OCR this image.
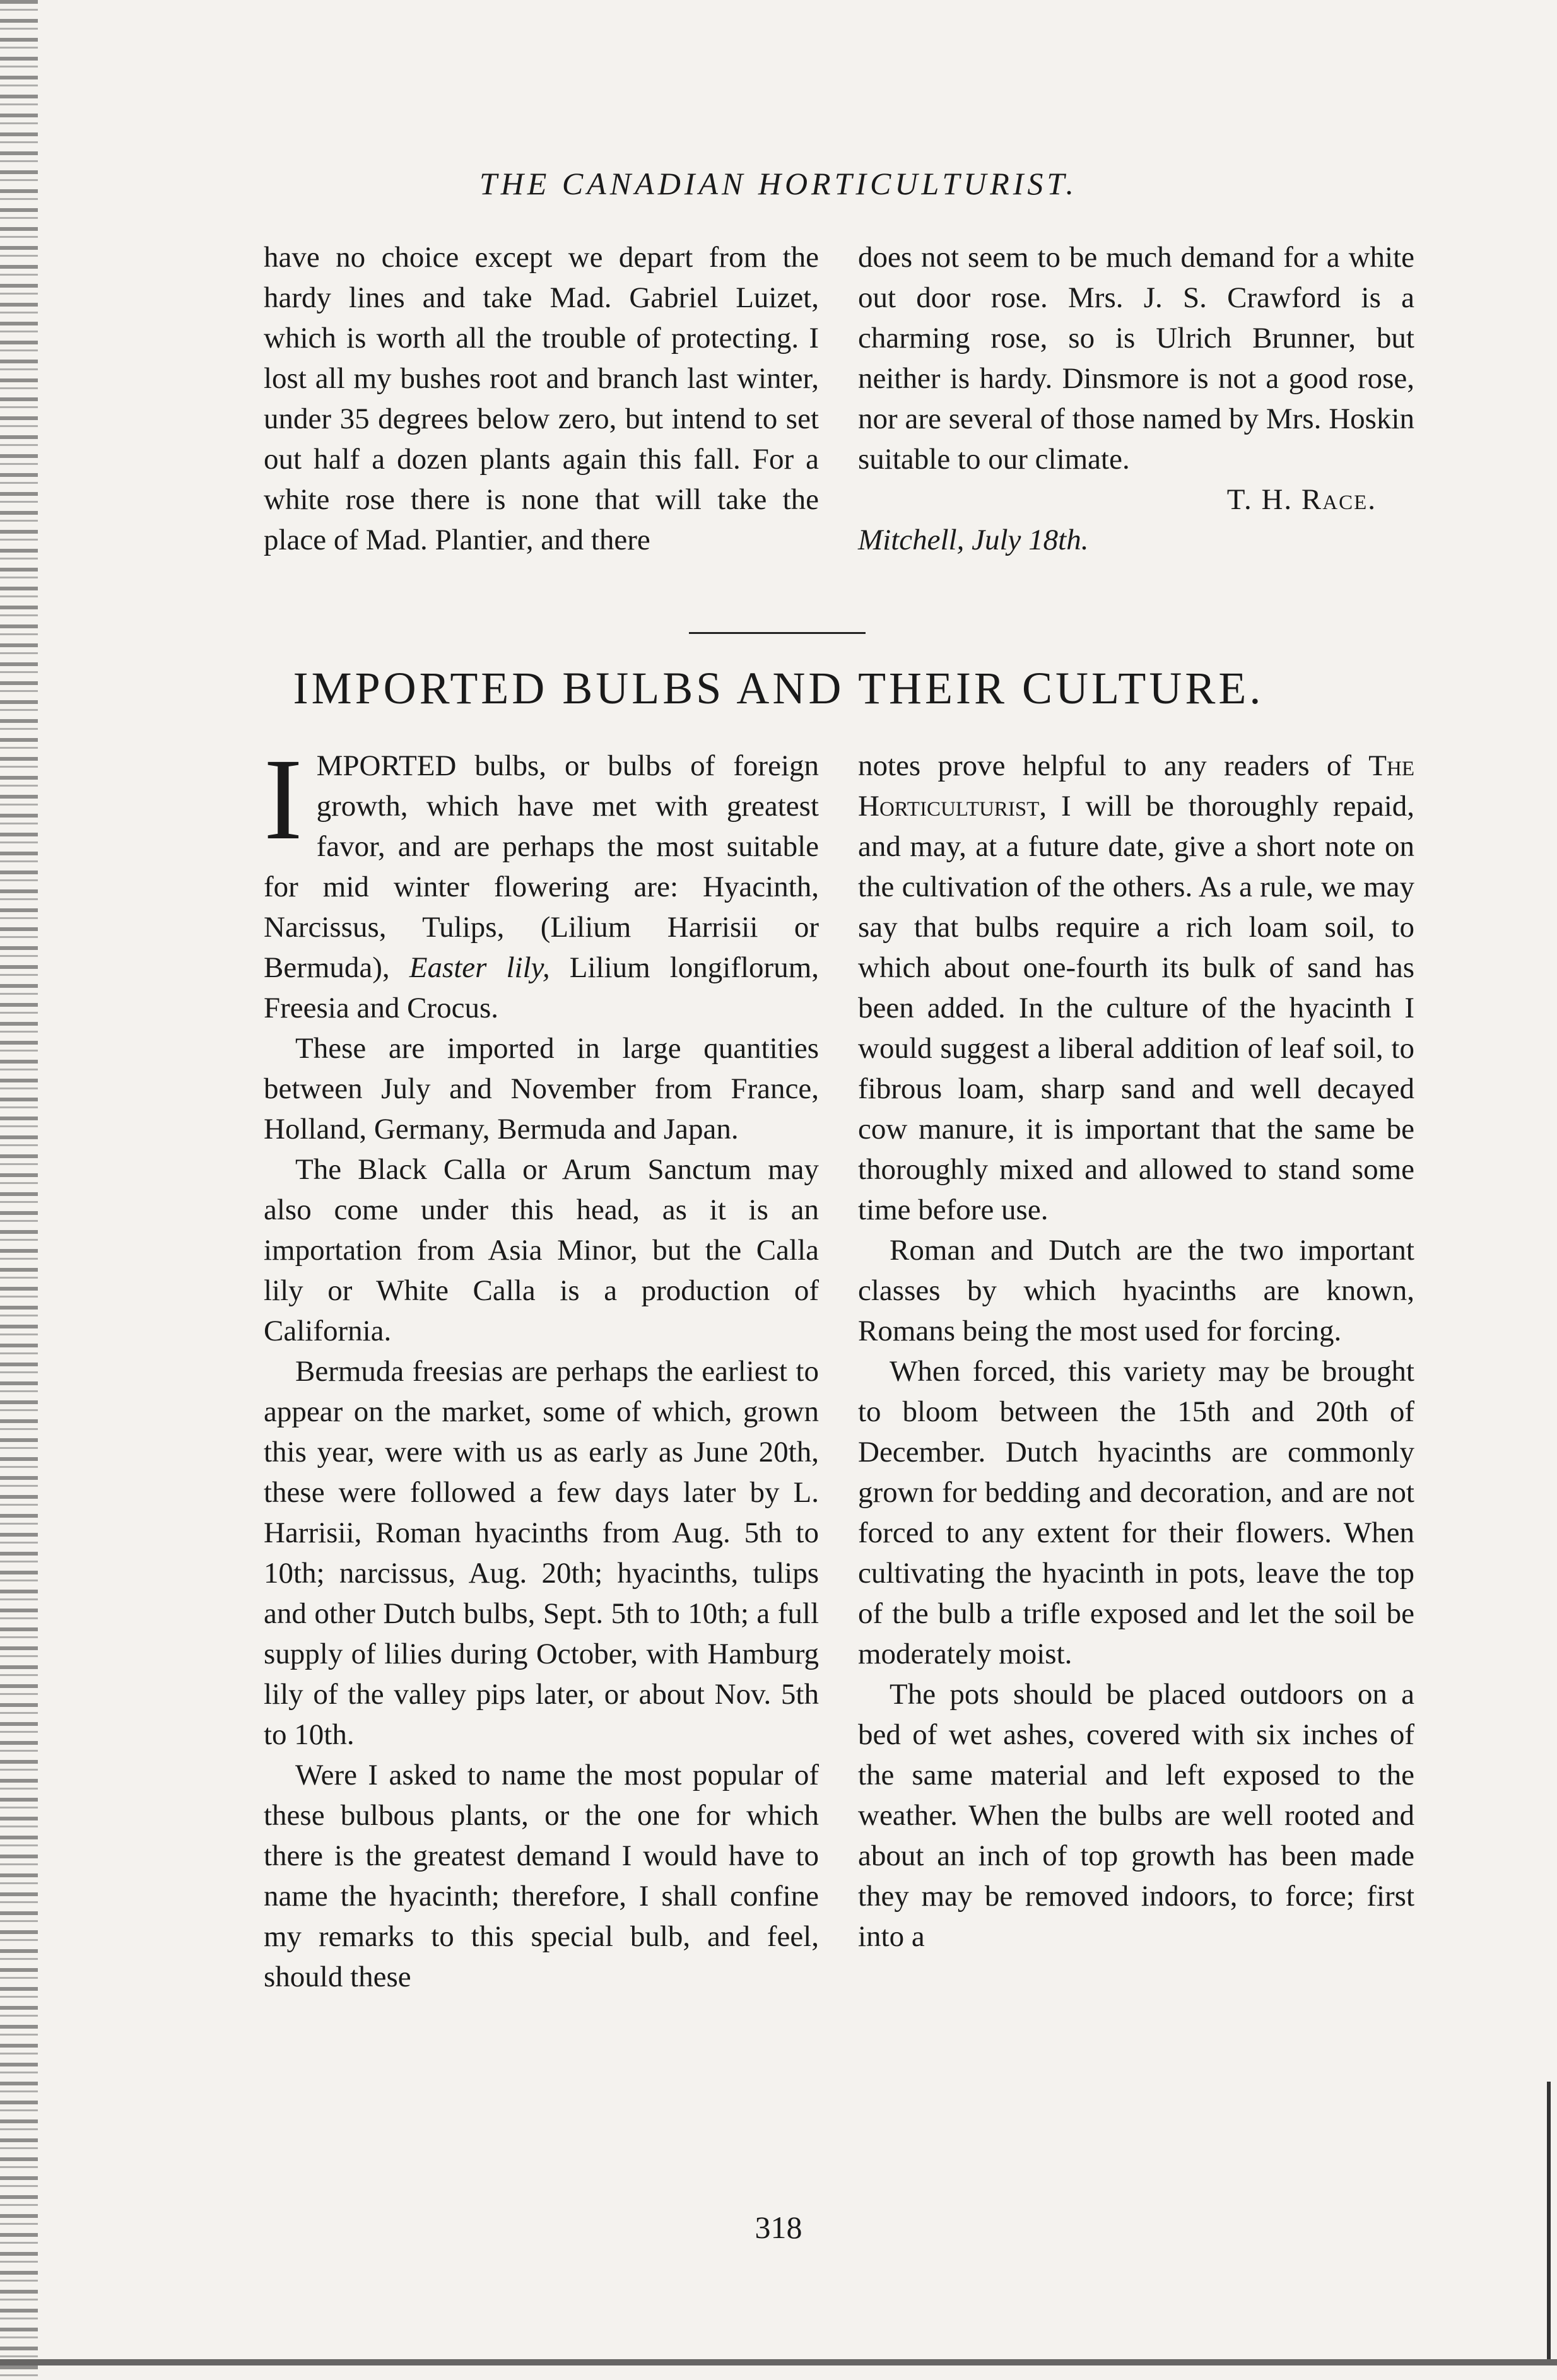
THE CANADIAN HORTICULTURIST.

have no choice except we depart from the hardy lines and take Mad. Gabriel Luizet, which is worth all the trouble of protecting. I lost all my bushes root and branch last winter, under 35 degrees below zero, but intend to set out half a dozen plants again this fall. For a white rose there is none that will take the place of Mad. Plantier, and there

does not seem to be much demand for a white out door rose. Mrs. J. S. Crawford is a charming rose, so is Ulrich Brunner, but neither is hardy. Dinsmore is not a good rose, nor are several of those named by Mrs. Hoskin suitable to our climate.

T. H. Race.

Mitchell, July 18th.

IMPORTED BULBS AND THEIR CULTURE.

IMPORTED bulbs, or bulbs of foreign growth, which have met with greatest favor, and are perhaps the most suitable for mid winter flowering are: Hyacinth, Narcissus, Tulips, (Lilium Harrisii or Bermuda), Easter lily, Lilium longiflorum, Freesia and Crocus.

These are imported in large quantities between July and November from France, Holland, Germany, Bermuda and Japan.

The Black Calla or Arum Sanctum may also come under this head, as it is an importation from Asia Minor, but the Calla lily or White Calla is a production of California.

Bermuda freesias are perhaps the earliest to appear on the market, some of which, grown this year, were with us as early as June 20th, these were followed a few days later by L. Harrisii, Roman hyacinths from Aug. 5th to 10th; narcissus, Aug. 20th; hyacinths, tulips and other Dutch bulbs, Sept. 5th to 10th; a full supply of lilies during October, with Hamburg lily of the valley pips later, or about Nov. 5th to 10th.

Were I asked to name the most popular of these bulbous plants, or the one for which there is the greatest demand I would have to name the hyacinth; therefore, I shall confine my remarks to this special bulb, and feel, should these

notes prove helpful to any readers of The Horticulturist, I will be thoroughly repaid, and may, at a future date, give a short note on the cultivation of the others. As a rule, we may say that bulbs require a rich loam soil, to which about one-fourth its bulk of sand has been added. In the culture of the hyacinth I would suggest a liberal addition of leaf soil, to fibrous loam, sharp sand and well decayed cow manure, it is important that the same be thoroughly mixed and allowed to stand some time before use.

Roman and Dutch are the two important classes by which hyacinths are known, Romans being the most used for forcing.

When forced, this variety may be brought to bloom between the 15th and 20th of December. Dutch hyacinths are commonly grown for bedding and decoration, and are not forced to any extent for their flowers. When cultivating the hyacinth in pots, leave the top of the bulb a trifle exposed and let the soil be moderately moist.

The pots should be placed outdoors on a bed of wet ashes, covered with six inches of the same material and left exposed to the weather. When the bulbs are well rooted and about an inch of top growth has been made they may be removed indoors, to force; first into a

318
